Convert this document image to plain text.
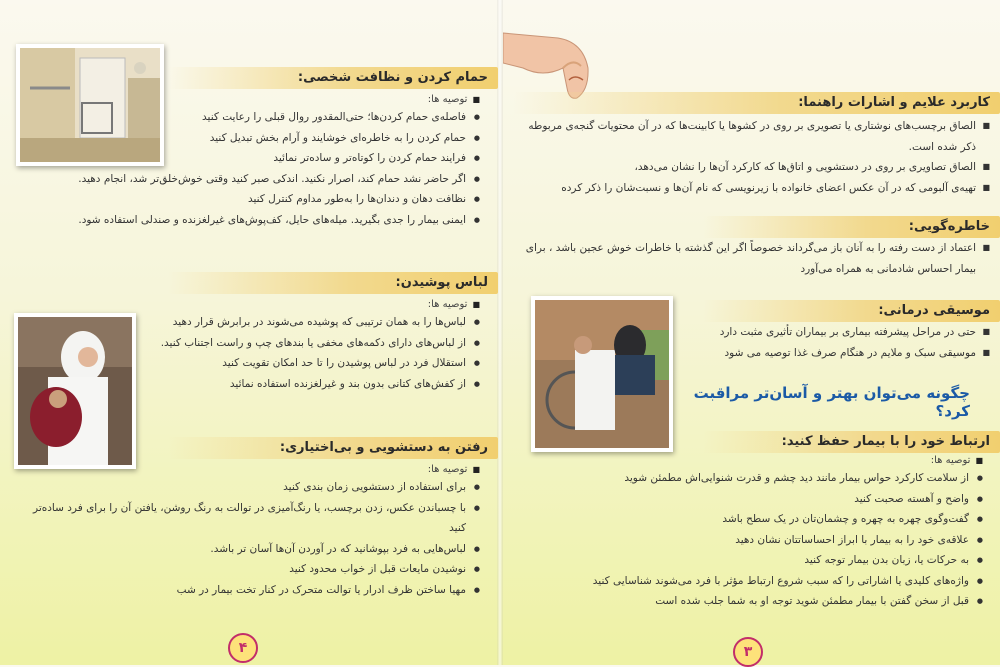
حمام کردن و نظافت شخصی:
■ توصیه ها:
● فاصله‌ی حمام کردن‌ها؛ حتی‌المقدور روال قبلی را رعایت کنید
● حمام کردن را به خاطره‌ای خوشایند و آرام بخش تبدیل کنید
● فرایند حمام کردن را کوتاه‌تر و ساده‌تر نمائید
● اگر حاضر نشد حمام کند، اصرار نکنید. اندکی صبر کنید وقتی خوش‌خلق‌تر شد، انجام دهید.
● نظافت دهان و دندان‌ها را به‌طور مداوم کنترل کنید
● ایمنی بیمار را جدی بگیرید. میله‌های حایل، کف‌پوش‌های غیرلغزنده و صندلی استفاده شود.
لباس پوشیدن:
■ توصیه ها:
● لباس‌ها را به همان ترتیبی که پوشیده می‌شوند در برابرش قرار دهید
● از لباس‌های دارای دکمه‌های مخفی یا بندهای چپ و راست اجتناب کنید.
● استقلال فرد در لباس پوشیدن را تا حد امکان تقویت کنید
● از کفش‌های کتانی بدون بند و غیرلغزنده استفاده نمائید
رفتن به دستشویی و بی‌اختیاری:
■ توصیه ها:
● برای استفاده از دستشویی زمان بندی کنید
● با چسباندن عکس، زدن برچسب، یا رنگ‌آمیزی در توالت به رنگ روشن، یافتن آن را برای فرد ساده‌تر کنید
● لباس‌هایی به فرد بپوشانید که در آوردن آن‌ها آسان تر باشد.
● نوشیدن مایعات قبل از خواب محدود کنید
● مهیا ساختن ظرف ادرار یا توالت متحرک در کنار تخت بیمار در شب
۴
کاربرد علایم و اشارات راهنما:
■ الصاق برچسب‌های نوشتاری یا تصویری بر روی در کشوها یا کابینت‌ها که در آن محتویات گنجه‌ی مربوطه ذکر شده است.
■ الصاق تصاویری بر روی در دستشویی و اتاق‌ها که کارکرد آن‌ها را نشان می‌دهد،
■ تهیه‌ی آلبومی که در آن عکس اعضای خانواده با زیرنویسی که نام آن‌ها و نسبت‌شان را ذکر کرده
خاطره‌گویی:
■ اعتماد از دست رفته را به آنان باز می‌گرداند خصوصاً اگر این گذشته با خاطرات خوش عجین باشد ، برای بیمار احساس شادمانی به همراه می‌آورد
موسیقی درمانی:
■ حتی در مراحل پیشرفته بیماری بر بیماران تأثیری مثبت دارد
■ موسیقی سبک و ملایم در هنگام صرف غذا توصیه می شود
چگونه می‌توان بهتر و آسان‌تر مراقبت کرد؟
ارتباط خود را با بیمار حفظ کنید:
■ توصیه ها:
● از سلامت کارکرد حواس بیمار مانند دید چشم و قدرت شنوایی‌اش مطمئن شوید
● واضح و آهسته صحبت کنید
● گفت‌وگوی چهره به چهره و چشمان‌تان در یک سطح باشد
● علاقه‌ی خود را به بیمار با ابراز احساساتتان نشان دهید
● به حرکات یا، زبان بدن بیمار توجه کنید
● واژه‌های کلیدی یا اشاراتی را که سبب شروع ارتباط مؤثر با فرد می‌شوند شناسایی کنید
● قبل از سخن گفتن با بیمار مطمئن شوید توجه او به شما جلب شده است
۳
